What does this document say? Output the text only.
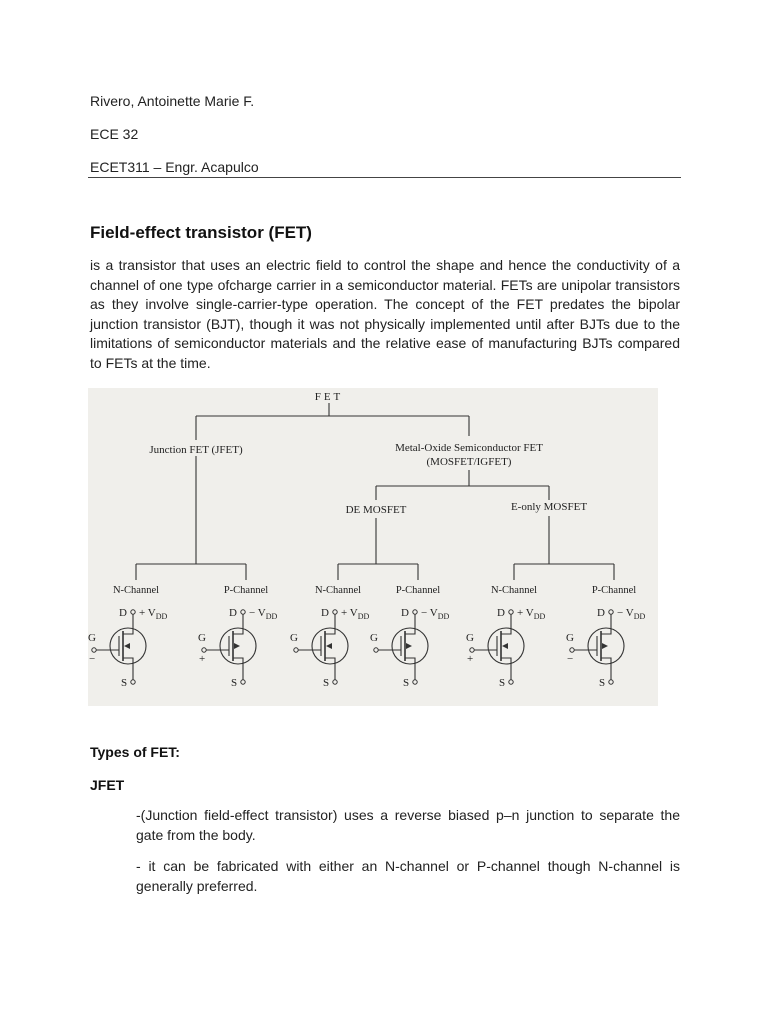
Rivero, Antoinette Marie F.
ECE 32
ECET311 – Engr. Acapulco
Field-effect transistor (FET)
is a transistor that uses an electric field to control the shape and hence the conductivity of a channel of one type ofcharge carrier in a semiconductor material. FETs are unipolar transistors as they involve single-carrier-type operation. The concept of the FET predates the bipolar junction transistor (BJT), though it was not physically implemented until after BJTs due to the limitations of semiconductor materials and the relative ease of manufacturing BJTs compared to FETs at the time.
FET
Junction FET (JFET)	Metal-Oxide Semiconductor FET
(MOSFET/IGFET)
DE MOSFET	E-only MOSFET
N-Channel
$D + V_{DD}$
G
−
S
P-Channel
$D - V_{DD}$
G
+
S
N-Channel
$D + V_{DD}$
G
S
P-Channel
$D - V_{DD}$
G
S
N-Channel
$D + V_{DD}$
G
+
S
P-Channel
$D - V_{DD}$
G
−
S
Types of FET:
JFET
-(Junction field-effect transistor) uses a reverse biased p–n junction to separate the gate from the body.
- it can be fabricated with either an N-channel or P-channel though N-channel is generally preferred.
